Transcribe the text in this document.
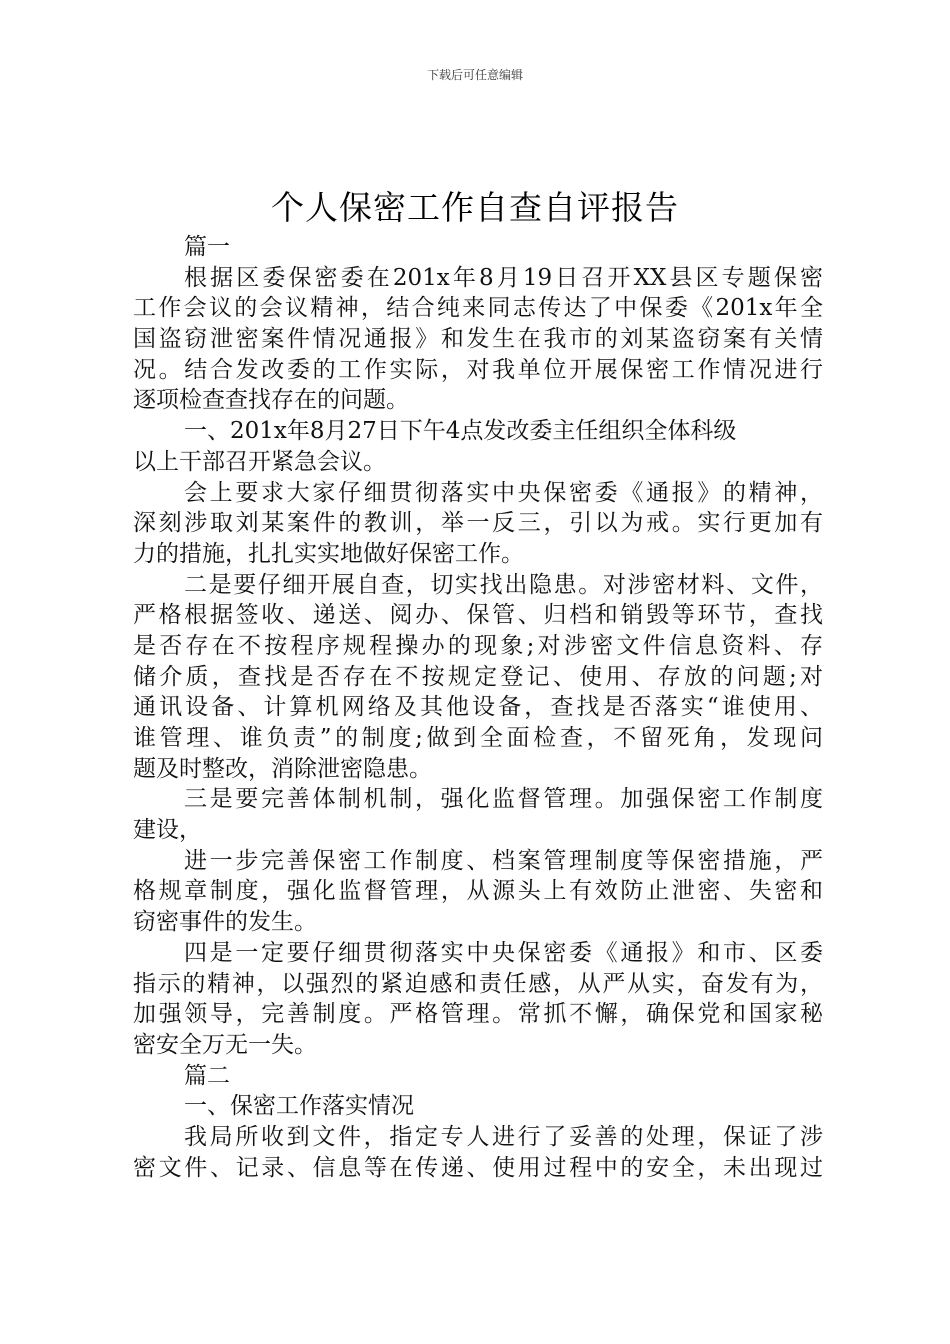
下载后可任意编辑
个人保密工作自查自评报告
篇一
根据区委保密委在201x年8月19日召开XX县区专题保密
工作会议的会议精神，结合纯来同志传达了中保委《201x年全
国盗窃泄密案件情况通报》和发生在我市的刘某盗窃案有关情
况。结合发改委的工作实际，对我单位开展保密工作情况进行
逐项检查查找存在的问题。
一、201x年8月27日下午4点发改委主任组织全体科级
以上干部召开紧急会议。
会上要求大家仔细贯彻落实中央保密委《通报》的精神，
深刻涉取刘某案件的教训，举一反三，引以为戒。实行更加有
力的措施，扎扎实实地做好保密工作。
二是要仔细开展自查，切实找出隐患。对涉密材料、文件，
严格根据签收、递送、阅办、保管、归档和销毁等环节，查找
是否存在不按程序规程操办的现象;对涉密文件信息资料、存
储介质，查找是否存在不按规定登记、使用、存放的问题;对
通讯设备、计算机网络及其他设备，查找是否落实“谁使用、
谁管理、谁负责”的制度;做到全面检查，不留死角，发现问
题及时整改，消除泄密隐患。
三是要完善体制机制，强化监督管理。加强保密工作制度
建设，
进一步完善保密工作制度、档案管理制度等保密措施，严
格规章制度，强化监督管理，从源头上有效防止泄密、失密和
窃密事件的发生。
四是一定要仔细贯彻落实中央保密委《通报》和市、区委
指示的精神，以强烈的紧迫感和责任感，从严从实，奋发有为，
加强领导，完善制度。严格管理。常抓不懈，确保党和国家秘
密安全万无一失。
篇二
一、保密工作落实情况
我局所收到文件，指定专人进行了妥善的处理，保证了涉
密文件、记录、信息等在传递、使用过程中的安全，未出现过
